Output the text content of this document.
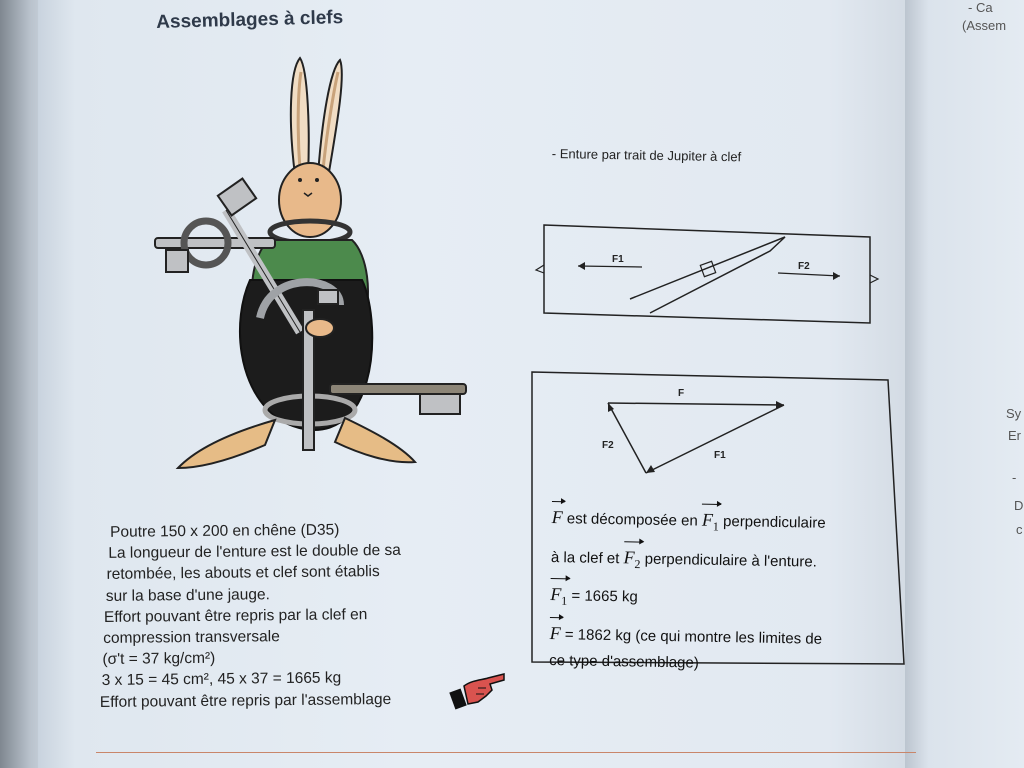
Assemblages à clefs	- Ca
(Assem
Sy
Er
-
D
c
- Enture par trait de Jupiter à clef
F1
F2
F
F2
F1
F est décomposée en $F_1$ perpendiculaire
à la clef et $F_2$ perpendiculaire à l'enture.
$F_1 = 1665$ kg
F = 1862 kg (ce qui montre les limites de
ce type d'assemblage)
Poutre 150 x 200 en chêne (D35)
La longueur de l'enture est le double de sa
retombée, les abouts et clef sont établis
sur la base d'une jauge.
Effort pouvant être repris par la clef en
compression transversale
(σ't = 37 kg/cm²)
3 x 15 = 45 cm², 45 x 37 = 1665 kg
Effort pouvant être repris par l'assemblage
